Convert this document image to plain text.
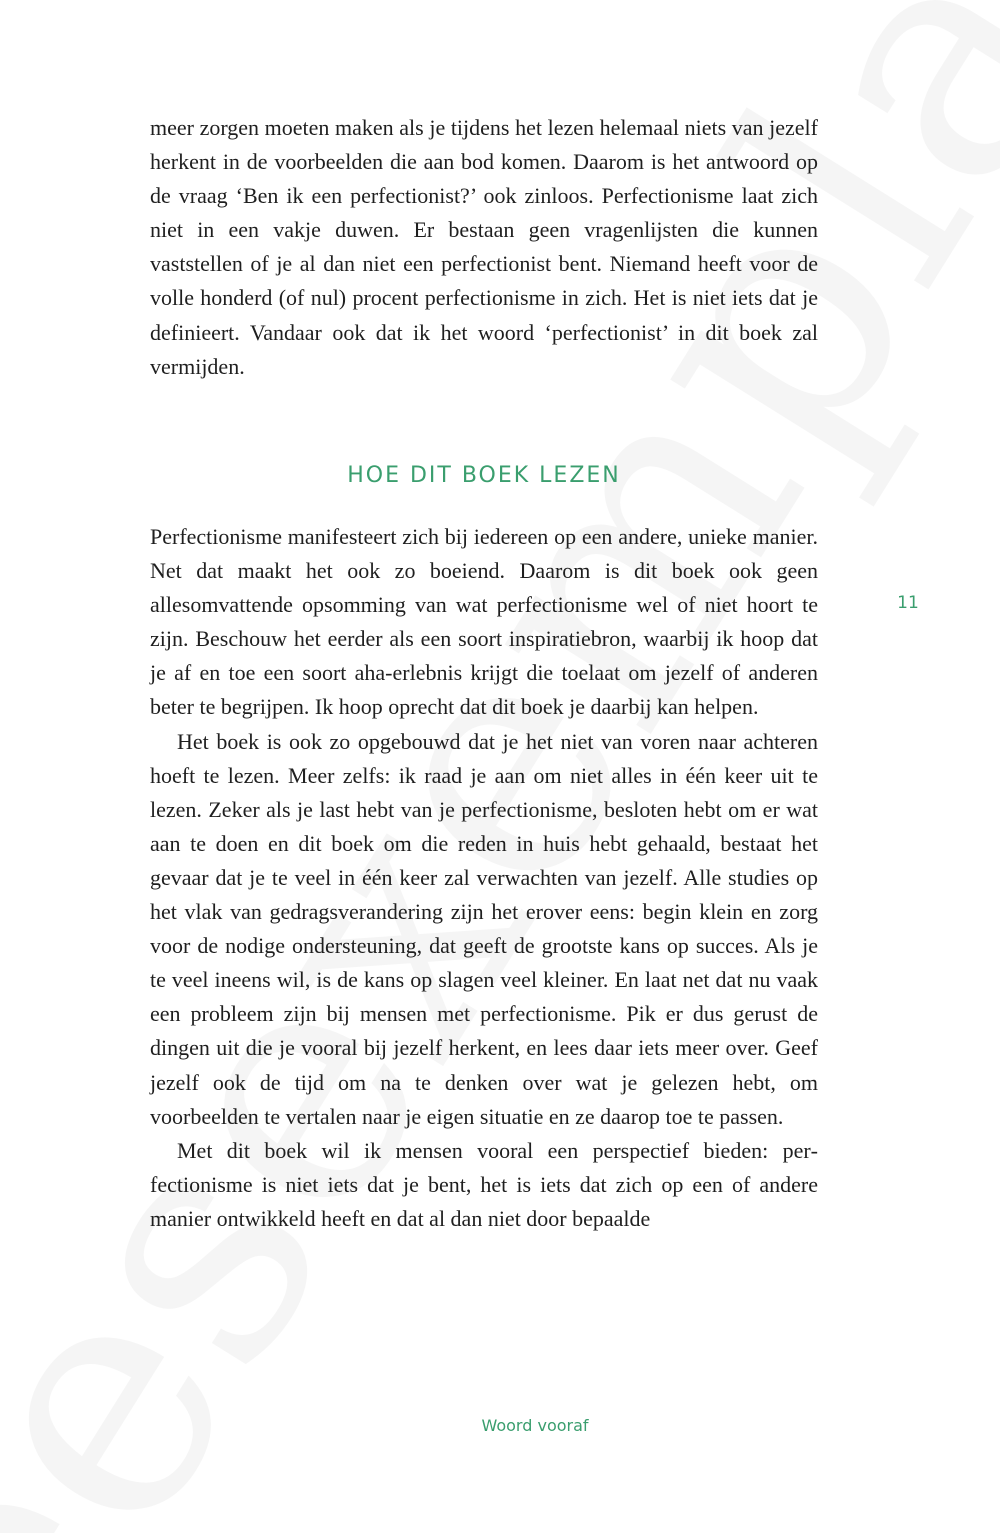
meer zorgen moeten maken als je tijdens het lezen helemaal niets van jezelf herkent in de voorbeelden die aan bod komen. Daarom is het antwoord op de vraag ‘Ben ik een perfectionist?’ ook zinloos. Perfectionisme laat zich niet in een vakje duwen. Er bestaan geen vragenlijsten die kunnen vaststellen of je al dan niet een perfectionist bent. Niemand heeft voor de volle honderd (of nul) procent perfectionisme in zich. Het is niet iets dat je definieert. Vandaar ook dat ik het woord ‘perfectionist’ in dit boek zal vermijden.

HOE DIT BOEK LEZEN

Perfectionisme manifesteert zich bij iedereen op een andere, unieke manier. Net dat maakt het ook zo boeiend. Daarom is dit boek ook geen allesomvattende opsomming van wat perfectionisme wel of niet hoort te zijn. Beschouw het eerder als een soort inspiratiebron, waarbij ik hoop dat je af en toe een soort aha-erlebnis krijgt die toelaat om jezelf of anderen beter te begrijpen. Ik hoop oprecht dat dit boek je daarbij kan helpen.

Het boek is ook zo opgebouwd dat je het niet van voren naar achteren hoeft te lezen. Meer zelfs: ik raad je aan om niet alles in één keer uit te lezen. Zeker als je last hebt van je perfectionisme, besloten hebt om er wat aan te doen en dit boek om die reden in huis hebt gehaald, bestaat het gevaar dat je te veel in één keer zal verwachten van jezelf. Alle studies op het vlak van gedragsverandering zijn het erover eens: begin klein en zorg voor de nodige ondersteuning, dat geeft de grootste kans op succes. Als je te veel ineens wil, is de kans op slagen veel kleiner. En laat net dat nu vaak een probleem zijn bij mensen met perfectionisme. Pik er dus gerust de dingen uit die je vooral bij jezelf herkent, en lees daar iets meer over. Geef jezelf ook de tijd om na te denken over wat je gelezen hebt, om voorbeelden te vertalen naar je eigen situatie en ze daarop toe te passen.

Met dit boek wil ik mensen vooral een perspectief bieden: perfectionisme is niet iets dat je bent, het is iets dat zich op een of andere manier ontwikkeld heeft en dat al dan niet door bepaalde

11
Woord vooraf
